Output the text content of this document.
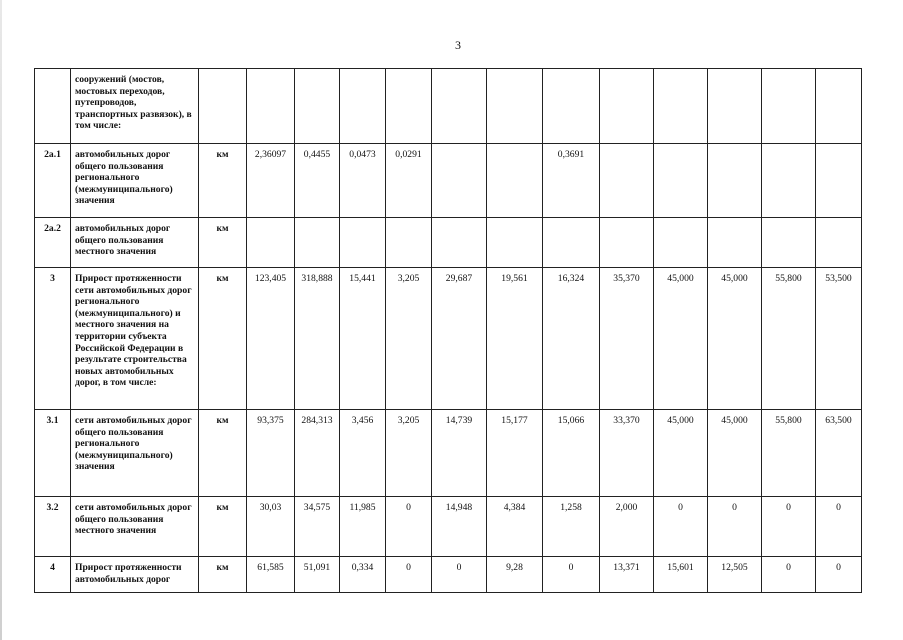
3
	сооружений (мостов, мостовых переходов, путепроводов, транспортных развязок), в том числе:													
2а.1	автомобильных дорог общего пользования регионального (межмуниципального) значения	км	2,36097	0,4455	0,0473	0,0291			0,3691					
2а.2	автомобильных дорог общего пользования местного значения	км												
3	Прирост протяженности сети автомобильных дорог регионального (межмуниципального) и местного значения на территории субъекта Российской Федерации в результате строительства новых автомобильных дорог, в том числе:	км	123,405	318,888	15,441	3,205	29,687	19,561	16,324	35,370	45,000	45,000	55,800	53,500
3.1	сети автомобильных дорог общего пользования регионального (межмуниципального) значения	км	93,375	284,313	3,456	3,205	14,739	15,177	15,066	33,370	45,000	45,000	55,800	63,500
3.2	сети автомобильных дорог общего пользования местного значения	км	30,03	34,575	11,985	0	14,948	4,384	1,258	2,000	0	0	0	0
4	Прирост протяженности автомобильных дорог	км	61,585	51,091	0,334	0	0	9,28	0	13,371	15,601	12,505	0	0
